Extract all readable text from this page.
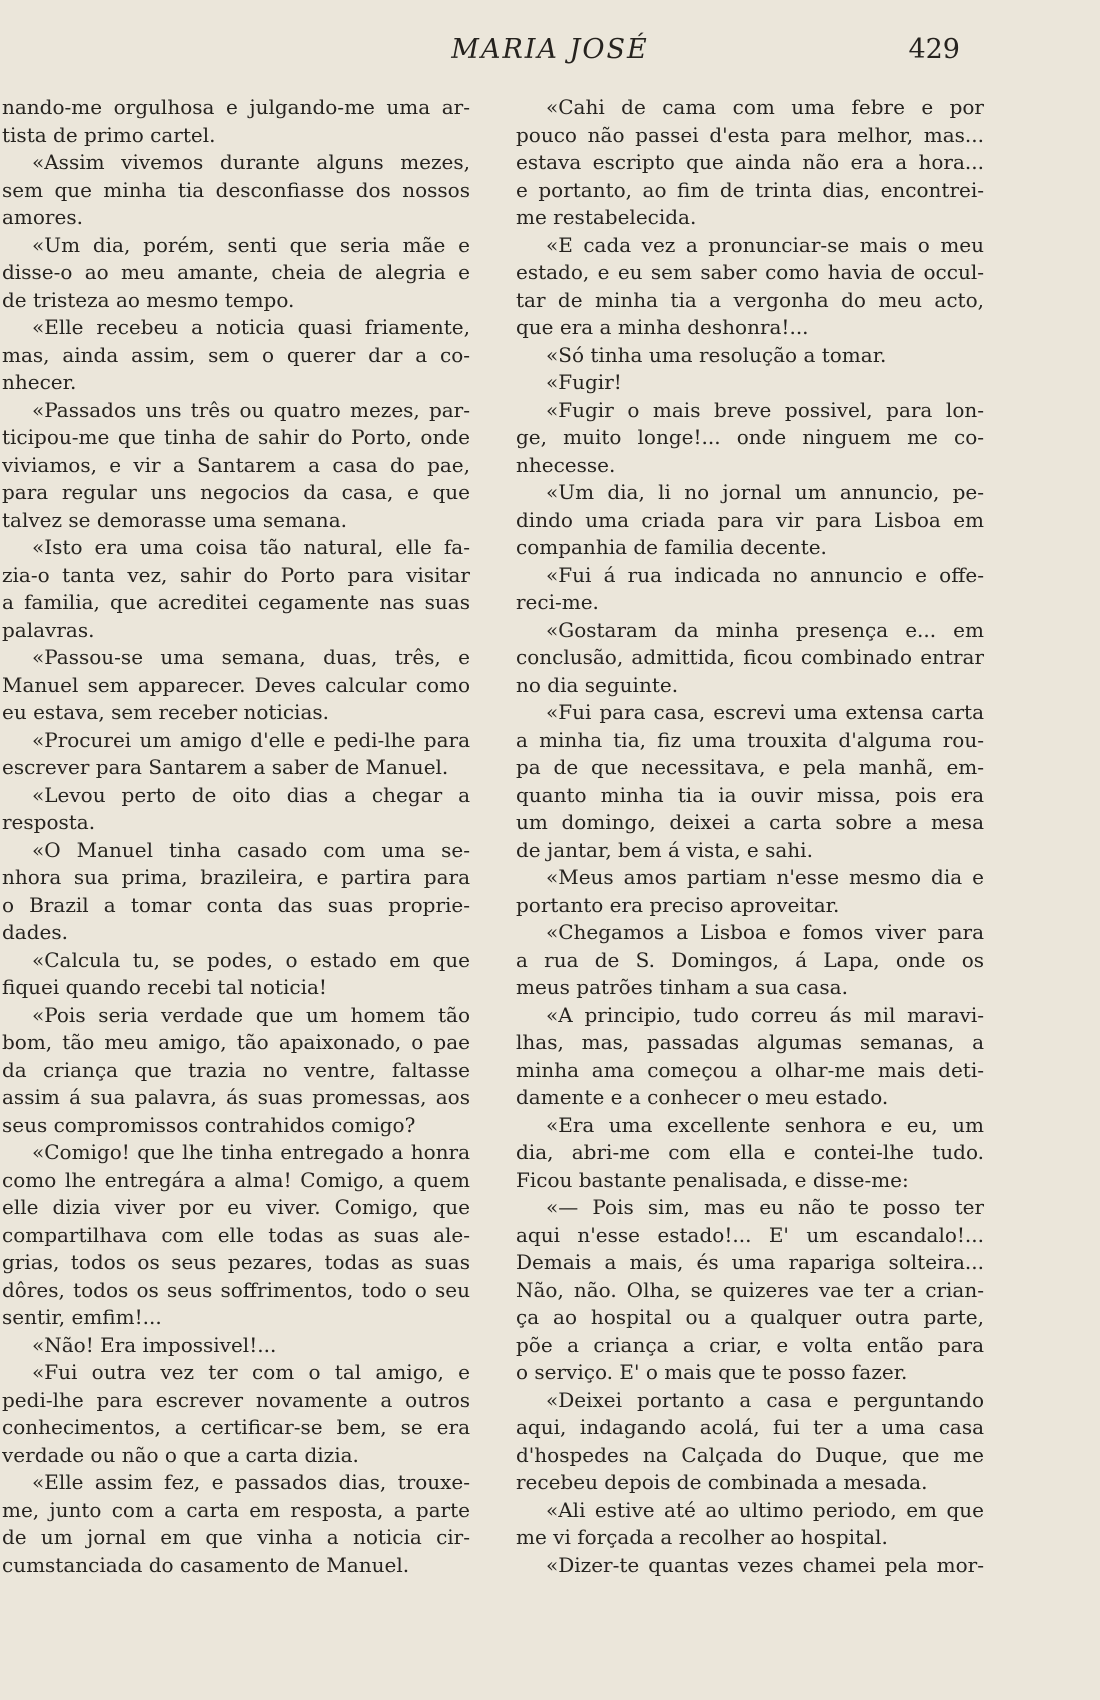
MARIA JOSÉ	429
nando-me orgulhosa e julgando-me uma ar-
tista de primo cartel.
«Assim vivemos durante alguns mezes,
sem que minha tia desconfiasse dos nossos
amores.
«Um dia, porém, senti que seria mãe e
disse-o ao meu amante, cheia de alegria e
de tristeza ao mesmo tempo.
«Elle recebeu a noticia quasi friamente,
mas, ainda assim, sem o querer dar a co-
nhecer.
«Passados uns três ou quatro mezes, par-
ticipou-me que tinha de sahir do Porto, onde
viviamos, e vir a Santarem a casa do pae,
para regular uns negocios da casa, e que
talvez se demorasse uma semana.
«Isto era uma coisa tão natural, elle fa-
zia-o tanta vez, sahir do Porto para visitar
a familia, que acreditei cegamente nas suas
palavras.
«Passou-se uma semana, duas, três, e
Manuel sem apparecer. Deves calcular como
eu estava, sem receber noticias.
«Procurei um amigo d'elle e pedi-lhe para
escrever para Santarem a saber de Manuel.
«Levou perto de oito dias a chegar a
resposta.
«O Manuel tinha casado com uma se-
nhora sua prima, brazileira, e partira para
o Brazil a tomar conta das suas proprie-
dades.
«Calcula tu, se podes, o estado em que
fiquei quando recebi tal noticia!
«Pois seria verdade que um homem tão
bom, tão meu amigo, tão apaixonado, o pae
da criança que trazia no ventre, faltasse
assim á sua palavra, ás suas promessas, aos
seus compromissos contrahidos comigo?
«Comigo! que lhe tinha entregado a honra
como lhe entregára a alma! Comigo, a quem
elle dizia viver por eu viver. Comigo, que
compartilhava com elle todas as suas ale-
grias, todos os seus pezares, todas as suas
dôres, todos os seus soffrimentos, todo o seu
sentir, emfim!...
«Não! Era impossivel!...
«Fui outra vez ter com o tal amigo, e
pedi-lhe para escrever novamente a outros
conhecimentos, a certificar-se bem, se era
verdade ou não o que a carta dizia.
«Elle assim fez, e passados dias, trouxe-
me, junto com a carta em resposta, a parte
de um jornal em que vinha a noticia cir-
cumstanciada do casamento de Manuel.
«Cahi de cama com uma febre e por
pouco não passei d'esta para melhor, mas...
estava escripto que ainda não era a hora...
e portanto, ao fim de trinta dias, encontrei-
me restabelecida.
«E cada vez a pronunciar-se mais o meu
estado, e eu sem saber como havia de occul-
tar de minha tia a vergonha do meu acto,
que era a minha deshonra!...
«Só tinha uma resolução a tomar.
«Fugir!
«Fugir o mais breve possivel, para lon-
ge, muito longe!... onde ninguem me co-
nhecesse.
«Um dia, li no jornal um annuncio, pe-
dindo uma criada para vir para Lisboa em
companhia de familia decente.
«Fui á rua indicada no annuncio e offe-
reci-me.
«Gostaram da minha presença e... em
conclusão, admittida, ficou combinado entrar
no dia seguinte.
«Fui para casa, escrevi uma extensa carta
a minha tia, fiz uma trouxita d'alguma rou-
pa de que necessitava, e pela manhã, em-
quanto minha tia ia ouvir missa, pois era
um domingo, deixei a carta sobre a mesa
de jantar, bem á vista, e sahi.
«Meus amos partiam n'esse mesmo dia e
portanto era preciso aproveitar.
«Chegamos a Lisboa e fomos viver para
a rua de S. Domingos, á Lapa, onde os
meus patrões tinham a sua casa.
«A principio, tudo correu ás mil maravi-
lhas, mas, passadas algumas semanas, a
minha ama começou a olhar-me mais deti-
damente e a conhecer o meu estado.
«Era uma excellente senhora e eu, um
dia, abri-me com ella e contei-lhe tudo.
Ficou bastante penalisada, e disse-me:
«— Pois sim, mas eu não te posso ter
aqui n'esse estado!... E' um escandalo!...
Demais a mais, és uma rapariga solteira...
Não, não. Olha, se quizeres vae ter a crian-
ça ao hospital ou a qualquer outra parte,
põe a criança a criar, e volta então para
o serviço. E' o mais que te posso fazer.
«Deixei portanto a casa e perguntando
aqui, indagando acolá, fui ter a uma casa
d'hospedes na Calçada do Duque, que me
recebeu depois de combinada a mesada.
«Ali estive até ao ultimo periodo, em que
me vi forçada a recolher ao hospital.
«Dizer-te quantas vezes chamei pela mor-
